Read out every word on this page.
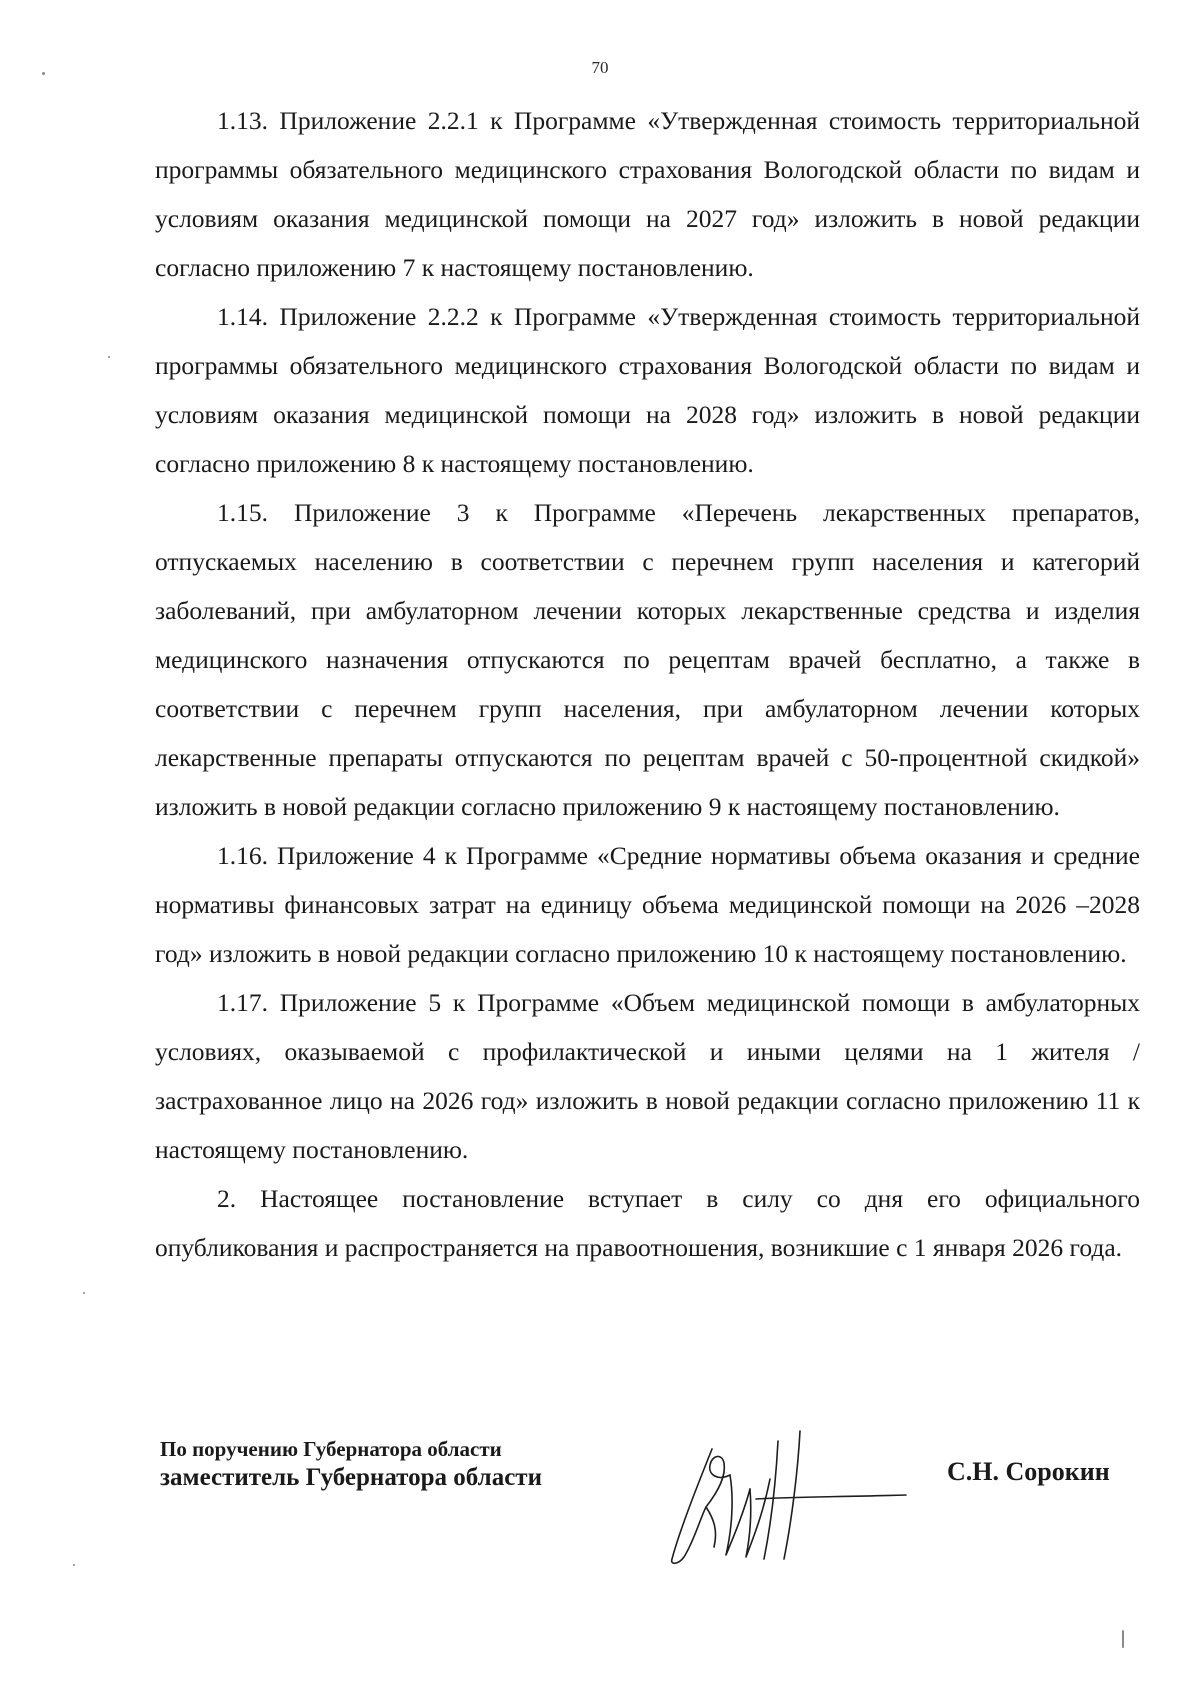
70

1.13. Приложение 2.2.1 к Программе «Утвержденная стоимость территориальной программы обязательного медицинского страхования Вологодской области по видам и условиям оказания медицинской помощи на 2027 год» изложить в новой редакции согласно приложению 7 к настоящему постановлению.

1.14. Приложение 2.2.2 к Программе «Утвержденная стоимость территориальной программы обязательного медицинского страхования Вологодской области по видам и условиям оказания медицинской помощи на 2028 год» изложить в новой редакции согласно приложению 8 к настоящему постановлению.

1.15. Приложение 3 к Программе «Перечень лекарственных препаратов, отпускаемых населению в соответствии с перечнем групп населения и категорий заболеваний, при амбулаторном лечении которых лекарственные средства и изделия медицинского назначения отпускаются по рецептам врачей бесплатно, а также в соответствии с перечнем групп населения, при амбулаторном лечении которых лекарственные препараты отпускаются по рецептам врачей с 50-процентной скидкой» изложить в новой редакции согласно приложению 9 к настоящему постановлению.

1.16. Приложение 4 к Программе «Средние нормативы объема оказания и средние нормативы финансовых затрат на единицу объема медицинской помощи на 2026 –2028 год» изложить в новой редакции согласно приложению 10 к настоящему постановлению.

1.17. Приложение 5 к Программе «Объем медицинской помощи в амбулаторных условиях, оказываемой с профилактической и иными целями на 1 жителя / застрахованное лицо на 2026 год» изложить в новой редакции согласно приложению 11 к настоящему постановлению.

2. Настоящее постановление вступает в силу со дня его официального опубликования и распространяется на правоотношения, возникшие с 1 января 2026 года.

По поручению Губернатора области
заместитель Губернатора области	С.Н. Сорокин
